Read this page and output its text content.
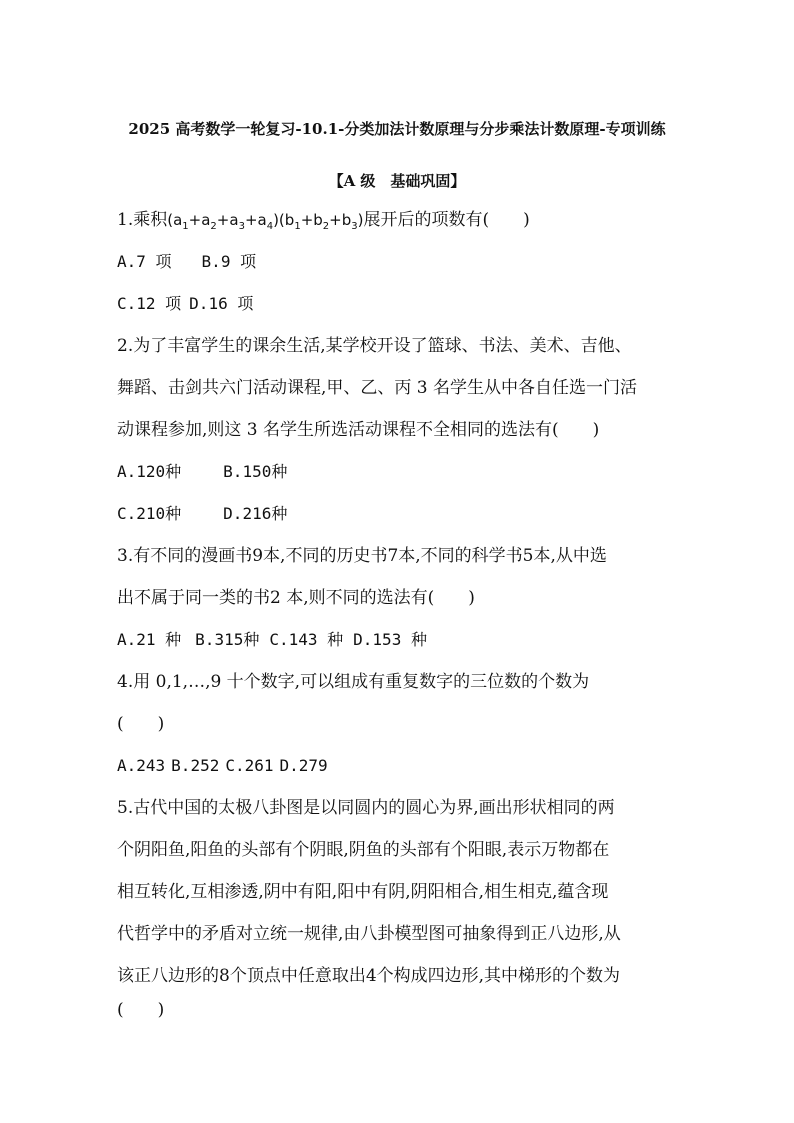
2025 高考数学一轮复习-10.1-分类加法计数原理与分步乘法计数原理-专项训练
【A 级　基础巩固】
1.乘积$(a_1+a_2+a_3+a_4)(b_1+b_2+b_3)$展开后的项数有(　　)
A.7 项 B.9 项
C.12 项 D.16 项
2.为了丰富学生的课余生活,某学校开设了篮球、书法、美术、吉他、
舞蹈、击剑共六门活动课程,甲、乙、丙 3 名学生从中各自任选一门活
动课程参加,则这 3 名学生所选活动课程不全相同的选法有(　　)
A.120种	B.150种
C.210种	D.216种
3.有不同的漫画书9本,不同的历史书7本,不同的科学书5本,从中选
出不属于同一类的书2 本,则不同的选法有(　　)
A.21 种 B.315种 C.143 种 D.153 种
4.用 0,1,…,9 十个数字,可以组成有重复数字的三位数的个数为
(　　)
A.243 B.252 C.261 D.279
5.古代中国的太极八卦图是以同圆内的圆心为界,画出形状相同的两
个阴阳鱼,阳鱼的头部有个阴眼,阴鱼的头部有个阳眼,表示万物都在
相互转化,互相渗透,阴中有阳,阳中有阴,阴阳相合,相生相克,蕴含现
代哲学中的矛盾对立统一规律,由八卦模型图可抽象得到正八边形,从
该正八边形的8个顶点中任意取出4个构成四边形,其中梯形的个数为
(　　)
